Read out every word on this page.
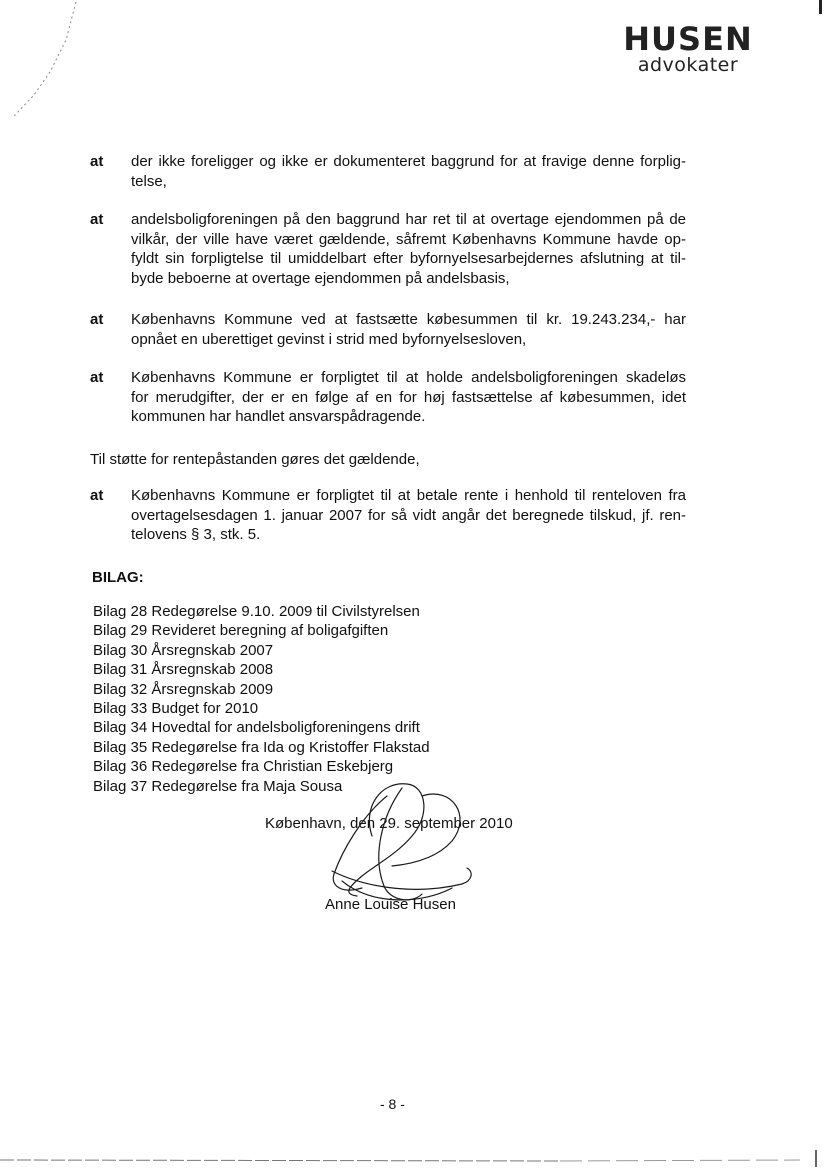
HUSEN
advokater
at der ikke foreligger og ikke er dokumenteret baggrund for at fravige denne forplig-
telse,
at andelsboligforeningen på den baggrund har ret til at overtage ejendommen på de
vilkår, der ville have været gældende, såfremt Københavns Kommune havde op-
fyldt sin forpligtelse til umiddelbart efter byfornyelsesarbejdernes afslutning at til-
byde beboerne at overtage ejendommen på andelsbasis,
at Københavns Kommune ved at fastsætte købesummen til kr. 19.243.234,- har
opnået en uberettiget gevinst i strid med byfornyelsesloven,
at Københavns Kommune er forpligtet til at holde andelsboligforeningen skadeløs
for merudgifter, der er en følge af en for høj fastsættelse af købesummen, idet
kommunen har handlet ansvarspådragende.
Til støtte for rentepåstanden gøres det gældende,
at Københavns Kommune er forpligtet til at betale rente i henhold til renteloven fra
overtagelsesdagen 1. januar 2007 for så vidt angår det beregnede tilskud, jf. ren-
telovens § 3, stk. 5.
BILAG:
Bilag 28 Redegørelse 9.10. 2009 til Civilstyrelsen
Bilag 29 Revideret beregning af boligafgiften
Bilag 30 Årsregnskab 2007
Bilag 31 Årsregnskab 2008
Bilag 32 Årsregnskab 2009
Bilag 33 Budget for 2010
Bilag 34 Hovedtal for andelsboligforeningens drift
Bilag 35 Redegørelse fra Ida og Kristoffer Flakstad
Bilag 36 Redegørelse fra Christian Eskebjerg
Bilag 37 Redegørelse fra Maja Sousa
København, den 29. september 2010
Anne Louise Husen
- 8 -
